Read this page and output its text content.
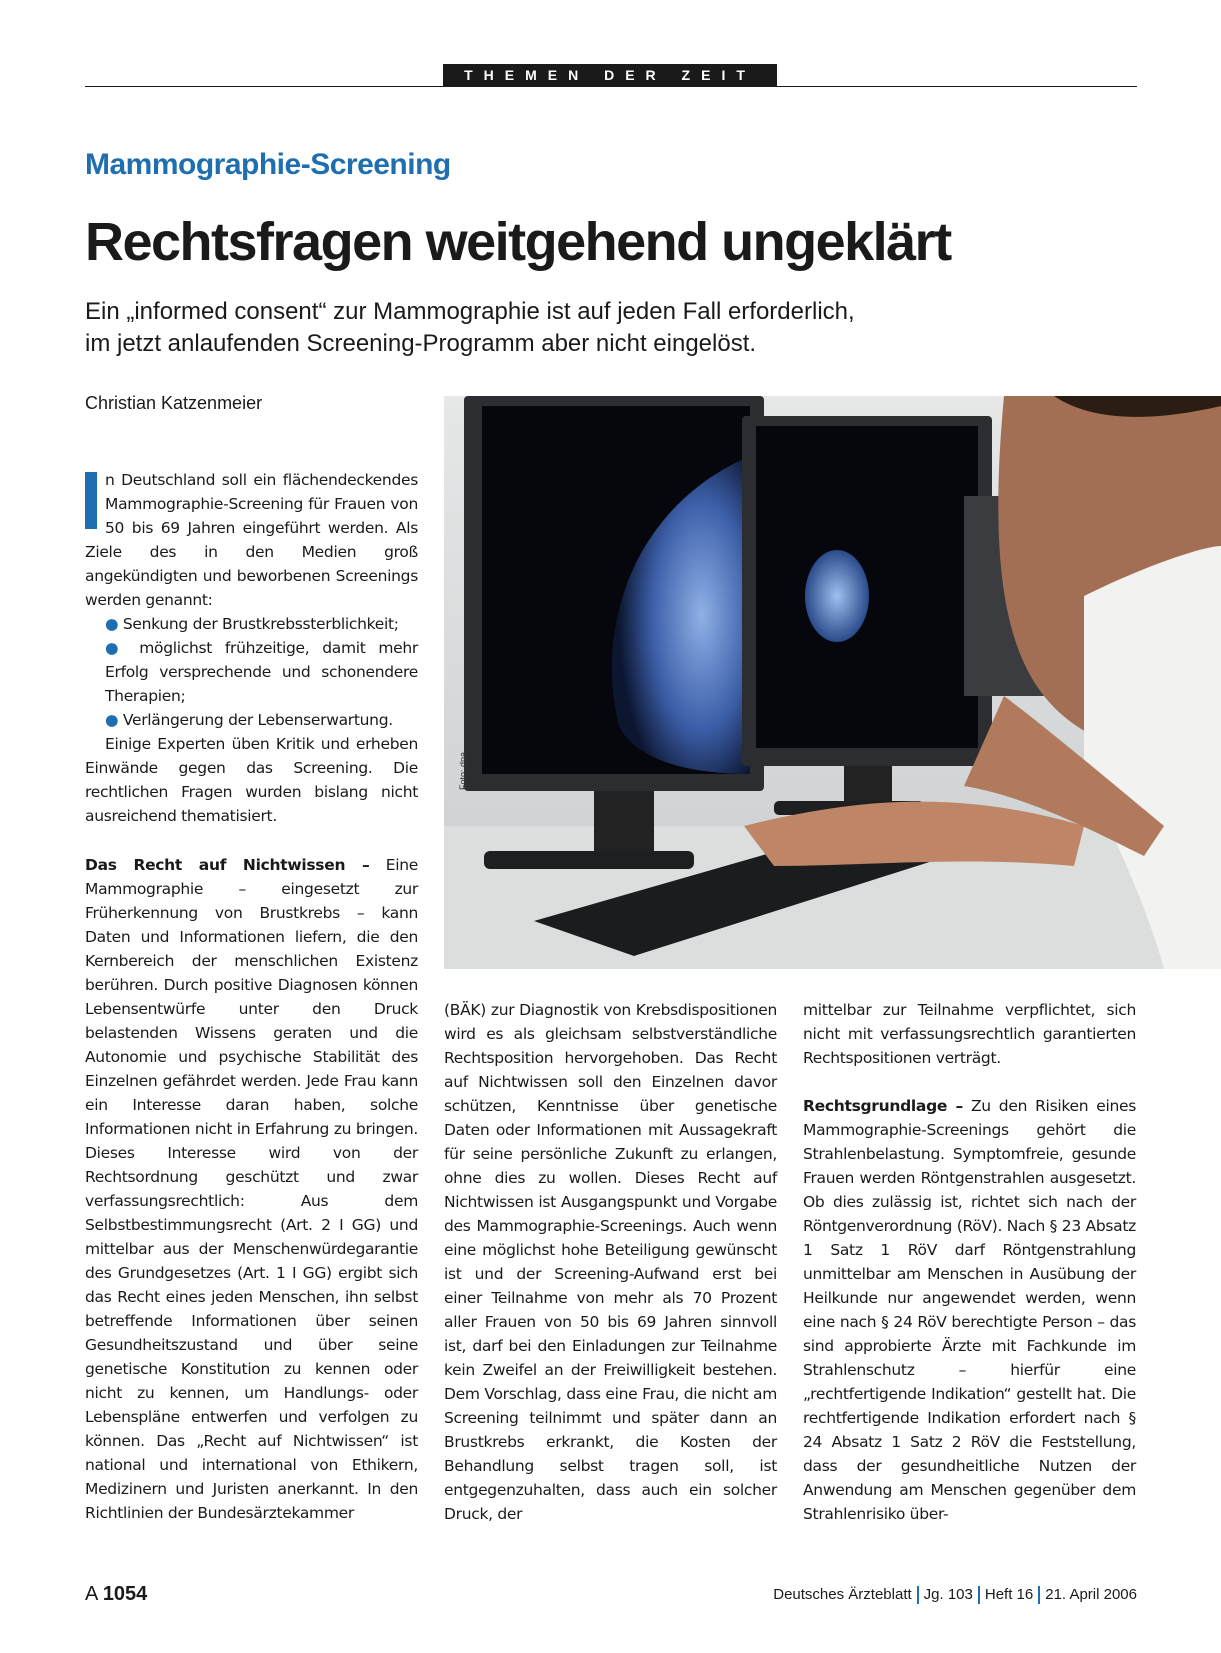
THEMEN DER ZEIT
Mammographie-Screening
Rechtsfragen weitgehend ungeklärt
Ein „informed consent“ zur Mammographie ist auf jeden Fall erforderlich,
im jetzt anlaufenden Screening-Programm aber nicht eingelöst.
Christian Katzenmeier

n Deutschland soll ein flächendeckendes Mammographie-Screening für Frauen von 50 bis 69 Jahren eingeführt werden. Als Ziele des in den Medien groß angekündigten und beworbenen Screenings werden genannt:

● Senkung der Brustkrebssterblichkeit;

● möglichst frühzeitige, damit mehr Erfolg versprechende und schonendere Therapien;

● Verlängerung der Lebenserwartung.

Einige Experten üben Kritik und erheben Einwände gegen das Screening. Die rechtlichen Fragen wurden bislang nicht ausreichend thematisiert.

Das Recht auf Nichtwissen – Eine Mammographie – eingesetzt zur Früherkennung von Brustkrebs – kann Daten und Informationen liefern, die den Kernbereich der menschlichen Existenz berühren. Durch positive Diagnosen können Lebensentwürfe unter den Druck belastenden Wissens geraten und die Autonomie und psychische Stabilität des Einzelnen gefährdet werden. Jede Frau kann ein Interesse daran haben, solche Informationen nicht in Erfahrung zu bringen. Dieses Interesse wird von der Rechtsordnung geschützt und zwar verfassungsrechtlich: Aus dem Selbstbestimmungsrecht (Art. 2 I GG) und mittelbar aus der Menschenwürdegarantie des Grundgesetzes (Art. 1 I GG) ergibt sich das Recht eines jeden Menschen, ihn selbst betreffende Informationen über seinen Gesundheitszustand und über seine genetische Konstitution zu kennen oder nicht zu kennen, um Handlungs- oder Lebenspläne entwerfen und verfolgen zu können. Das „Recht auf Nichtwissen“ ist national und international von Ethikern, Medizinern und Juristen anerkannt. In den Richtlinien der Bundesärztekammer

Foto: dpa

(BÄK) zur Diagnostik von Krebsdispositionen wird es als gleichsam selbstverständliche Rechtsposition hervorgehoben. Das Recht auf Nichtwissen soll den Einzelnen davor schützen, Kenntnisse über genetische Daten oder Informationen mit Aussagekraft für seine persönliche Zukunft zu erlangen, ohne dies zu wollen. Dieses Recht auf Nichtwissen ist Ausgangspunkt und Vorgabe des Mammographie-Screenings. Auch wenn eine möglichst hohe Beteiligung gewünscht ist und der Screening-Aufwand erst bei einer Teilnahme von mehr als 70 Prozent aller Frauen von 50 bis 69 Jahren sinnvoll ist, darf bei den Einladungen zur Teilnahme kein Zweifel an der Freiwilligkeit bestehen. Dem Vorschlag, dass eine Frau, die nicht am Screening teilnimmt und später dann an Brustkrebs erkrankt, die Kosten der Behandlung selbst tragen soll, ist entgegenzuhalten, dass auch ein solcher Druck, der

mittelbar zur Teilnahme verpflichtet, sich nicht mit verfassungsrechtlich garantierten Rechtspositionen verträgt.

Rechtsgrundlage – Zu den Risiken eines Mammographie-Screenings gehört die Strahlenbelastung. Symptomfreie, gesunde Frauen werden Röntgenstrahlen ausgesetzt. Ob dies zulässig ist, richtet sich nach der Röntgenverordnung (RöV). Nach § 23 Absatz 1 Satz 1 RöV darf Röntgenstrahlung unmittelbar am Menschen in Ausübung der Heilkunde nur angewendet werden, wenn eine nach § 24 RöV berechtigte Person – das sind approbierte Ärzte mit Fachkunde im Strahlenschutz – hierfür eine „rechtfertigende Indikation“ gestellt hat. Die rechtfertigende Indikation erfordert nach § 24 Absatz 1 Satz 2 RöV die Feststellung, dass der gesundheitliche Nutzen der Anwendung am Menschen gegenüber dem Strahlenrisiko über-

A 1054	Deutsches Ärzteblatt Jg. 103 Heft 16 21. April 2006
